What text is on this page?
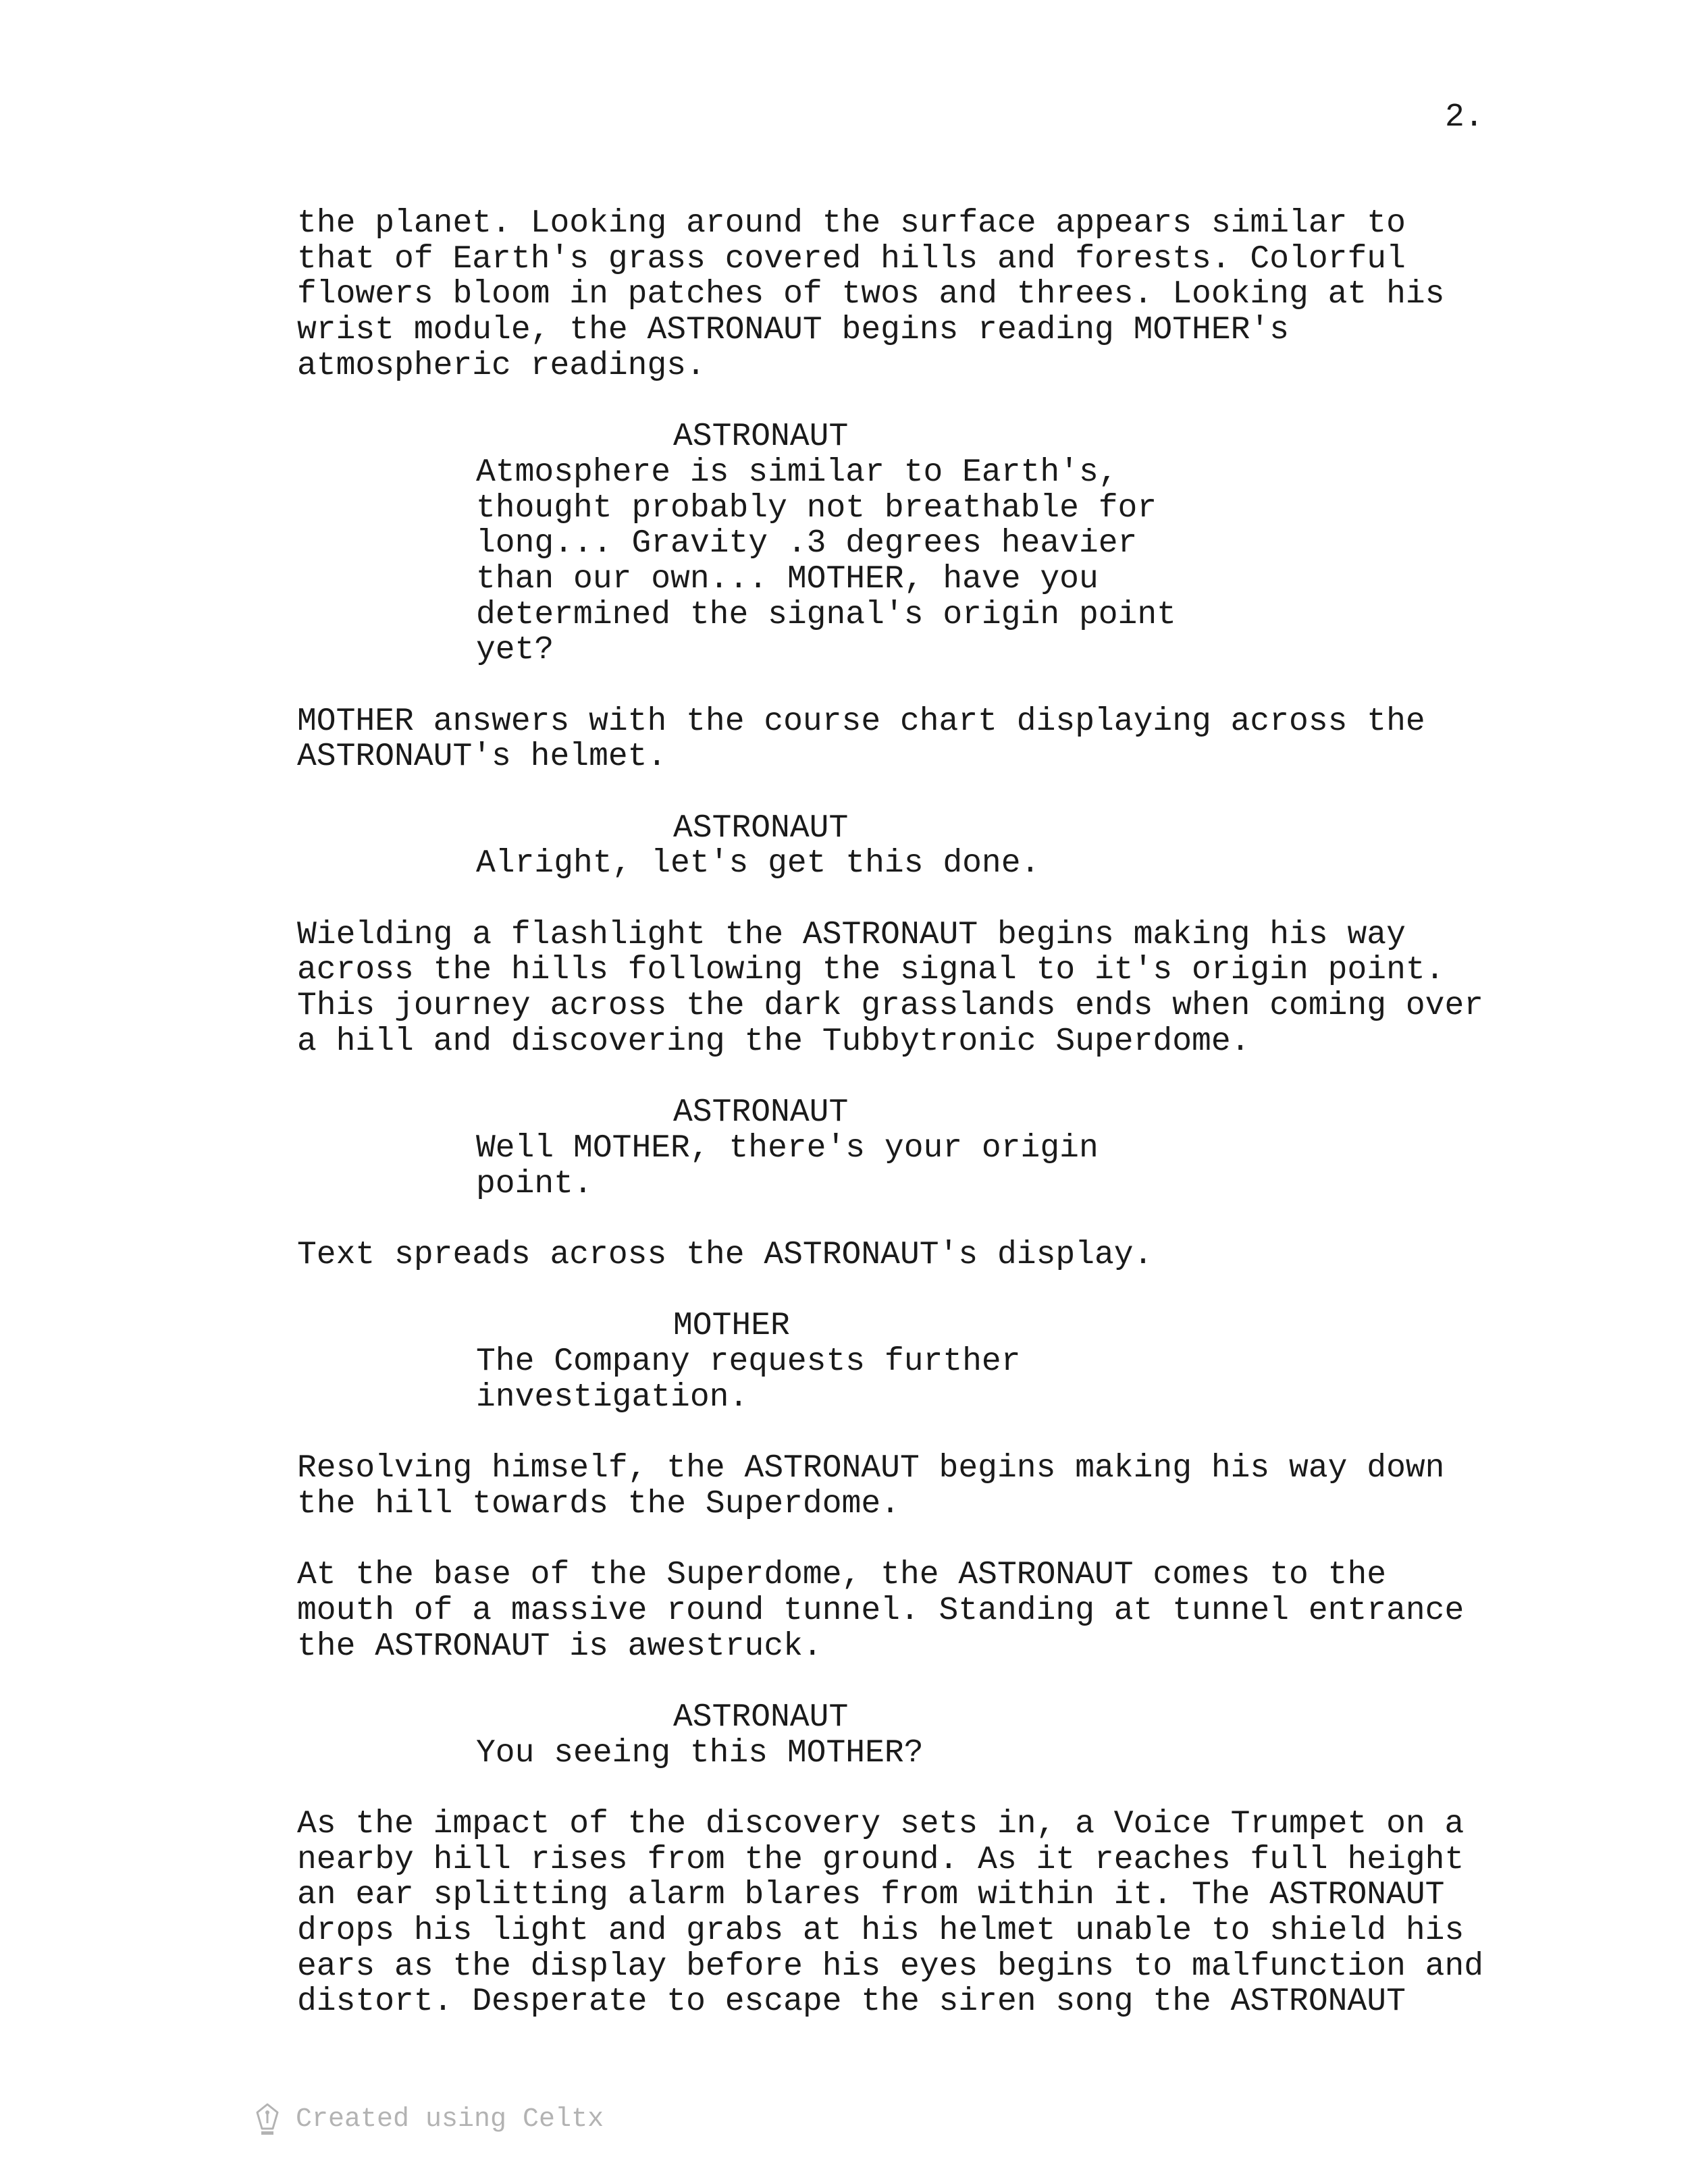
2.
the planet. Looking around the surface appears similar to
that of Earth's grass covered hills and forests. Colorful
flowers bloom in patches of twos and threes. Looking at his
wrist module, the ASTRONAUT begins reading MOTHER's
atmospheric readings.
ASTRONAUT
Atmosphere is similar to Earth's,
thought probably not breathable for
long... Gravity .3 degrees heavier
than our own... MOTHER, have you
determined the signal's origin point
yet?
MOTHER answers with the course chart displaying across the
ASTRONAUT's helmet.
ASTRONAUT
Alright, let's get this done.
Wielding a flashlight the ASTRONAUT begins making his way
across the hills following the signal to it's origin point.
This journey across the dark grasslands ends when coming over
a hill and discovering the Tubbytronic Superdome.
ASTRONAUT
Well MOTHER, there's your origin
point.
Text spreads across the ASTRONAUT's display.
MOTHER
The Company requests further
investigation.
Resolving himself, the ASTRONAUT begins making his way down
the hill towards the Superdome.
At the base of the Superdome, the ASTRONAUT comes to the
mouth of a massive round tunnel. Standing at tunnel entrance
the ASTRONAUT is awestruck.
ASTRONAUT
You seeing this MOTHER?
As the impact of the discovery sets in, a Voice Trumpet on a
nearby hill rises from the ground. As it reaches full height
an ear splitting alarm blares from within it. The ASTRONAUT
drops his light and grabs at his helmet unable to shield his
ears as the display before his eyes begins to malfunction and
distort. Desperate to escape the siren song the ASTRONAUT
Created using Celtx
